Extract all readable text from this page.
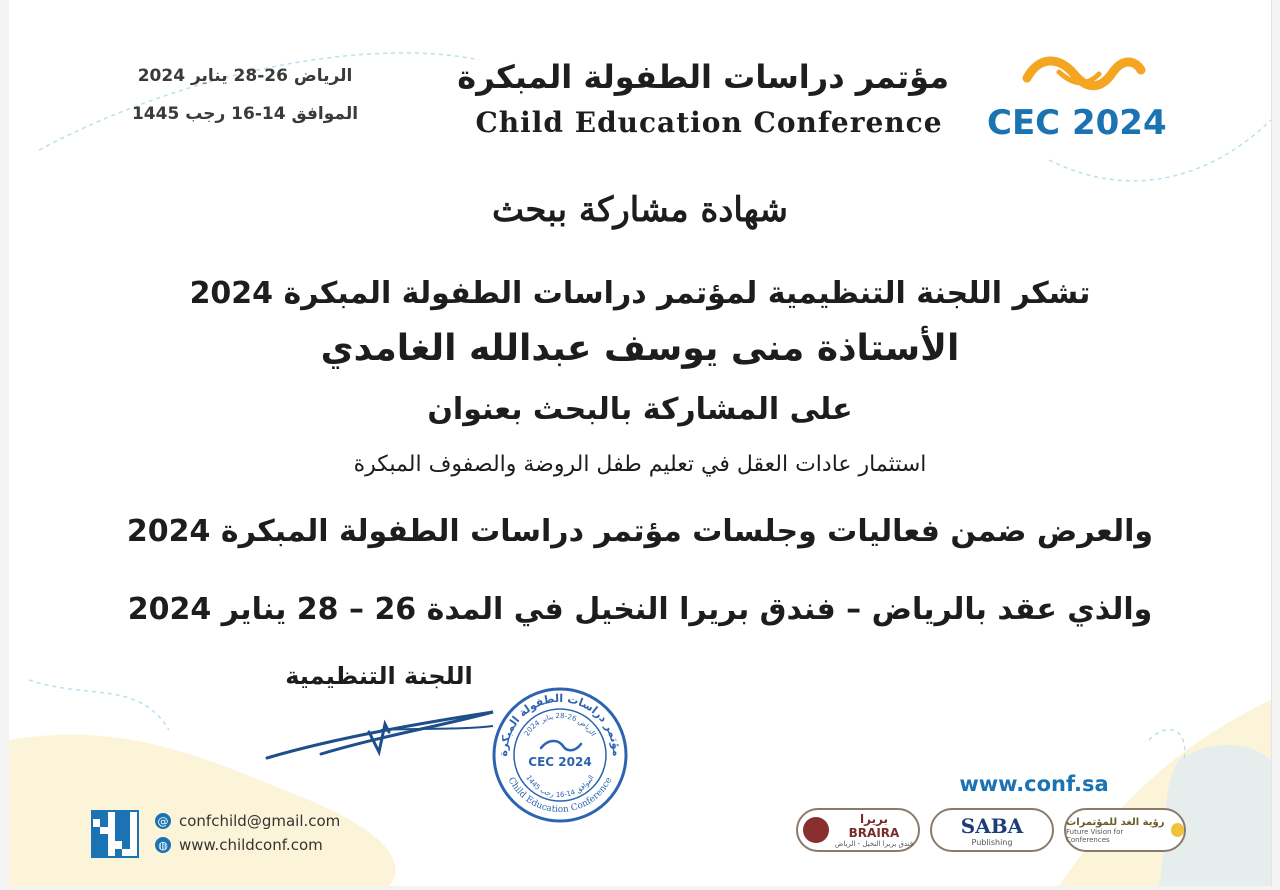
الرياض 26-28 يناير 2024
الموافق 14-16 رجب 1445
مؤتمر دراسات الطفولة المبكرة
Child Education Conference CEC 2024
شهادة مشاركة ببحث
تشكر اللجنة التنظيمية لمؤتمر دراسات الطفولة المبكرة 2024
الأستاذة منى يوسف عبدالله الغامدي
على المشاركة بالبحث بعنوان
استثمار عادات العقل في تعليم طفل الروضة والصفوف المبكرة
والعرض ضمن فعاليات وجلسات مؤتمر دراسات الطفولة المبكرة 2024
والذي عقد بالرياض – فندق بريرا النخيل في المدة 26 – 28 يناير 2024
اللجنة التنظيمية
مؤتمر دراسات الطفولة المبكرة
الرياض 26-28 يناير 2024
الموافق 14-16 رجب 1445
Child Education Conference
CEC 2024
www.conf.sa
@ confchild@gmail.com
◍ www.childconf.com
بريرا
BRAIRA
فندق بريرا النخيل - الرياض
SABA
Publishing
رؤية الغد للمؤتمرات
Future Vision for Conferences
